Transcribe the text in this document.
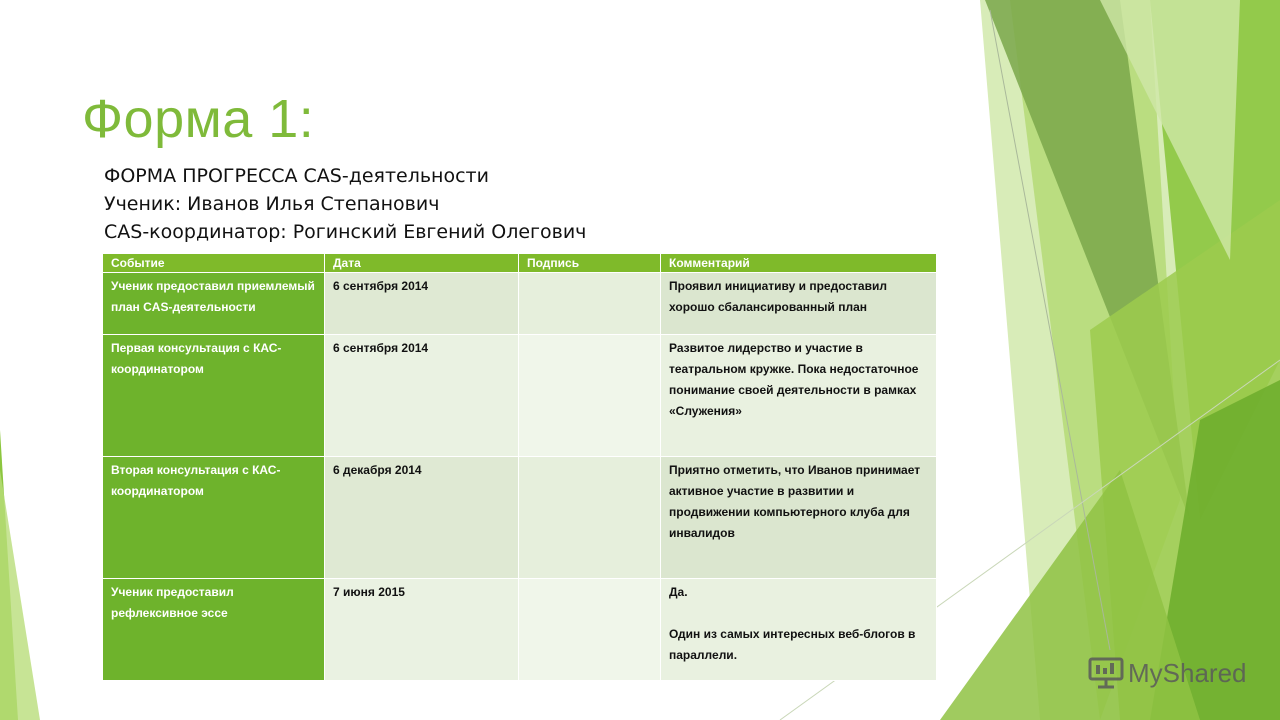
Форма 1:
ФОРМА ПРОГРЕССА CAS-деятельности
Ученик: Иванов Илья Степанович
CAS-координатор: Рогинский Евгений Олегович
Событие	Дата	Подпись	Комментарий
Ученик предоставил приемлемый план CAS-деятельности	6 сентября 2014		Проявил инициативу и предоставил хорошо сбалансированный план
Первая консультация с КАС-координатором	6 сентября 2014		Развитое лидерство и участие в театральном кружке. Пока недостаточное понимание своей деятельности в рамках «Служения»
Вторая консультация с КАС-координатором	6 декабря 2014		Приятно отметить, что Иванов принимает активное участие в развитии и продвижении компьютерного клуба для инвалидов
Ученик предоставил рефлексивное эссе	7 июня 2015		Да.
Один из самых интересных веб-блогов в параллели.
MyShared
